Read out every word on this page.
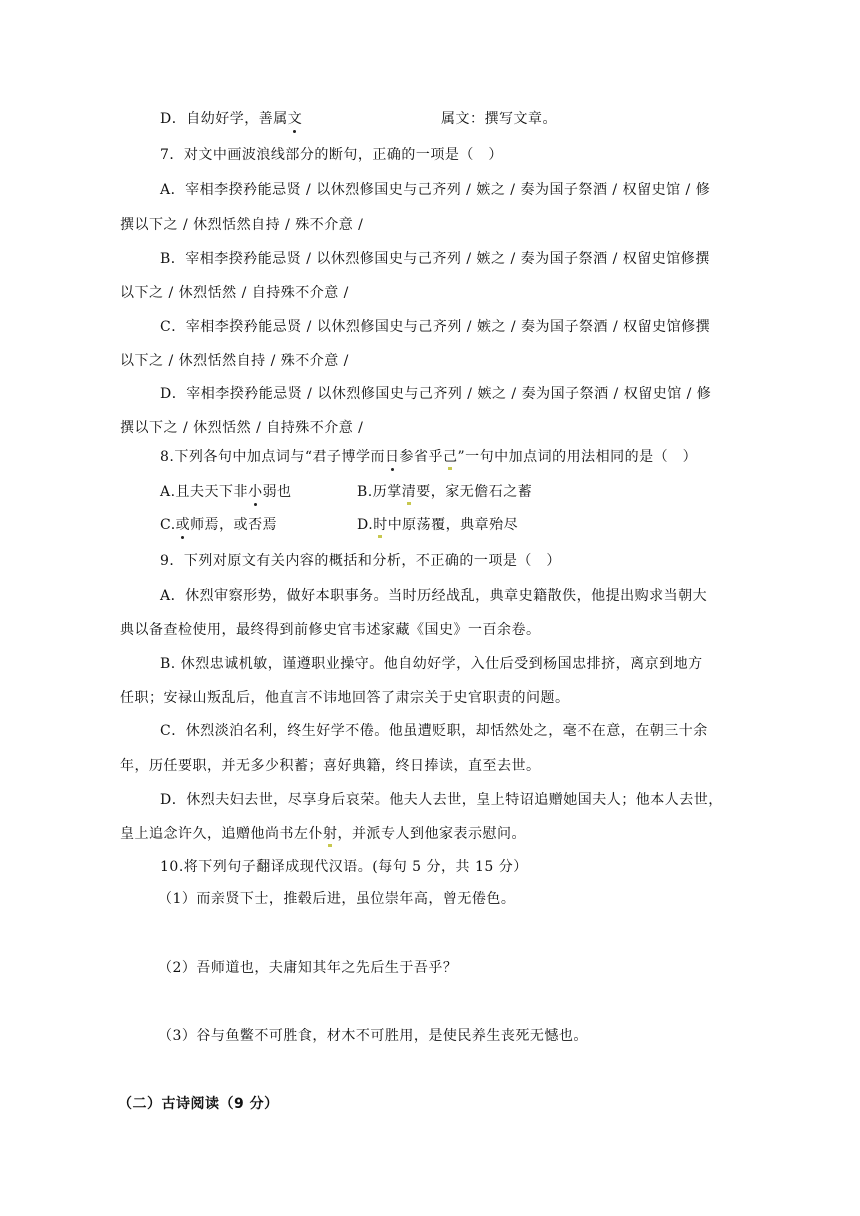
D．自幼好学，善属文	属文：撰写文章。
7．对文中画波浪线部分的断句，正确的一项是（　）
A．宰相李揆矜能忌贤 / 以休烈修国史与己齐列 / 嫉之 / 奏为国子祭酒 / 权留史馆 / 修
撰以下之 / 休烈恬然自持 / 殊不介意 /
B．宰相李揆矜能忌贤 / 以休烈修国史与己齐列 / 嫉之 / 奏为国子祭酒 / 权留史馆修撰
以下之 / 休烈恬然 / 自持殊不介意 /
C．宰相李揆矜能忌贤 / 以休烈修国史与己齐列 / 嫉之 / 奏为国子祭酒 / 权留史馆修撰
以下之 / 休烈恬然自持 / 殊不介意 /
D．宰相李揆矜能忌贤 / 以休烈修国史与己齐列 / 嫉之 / 奏为国子祭酒 / 权留史馆 / 修
撰以下之 / 休烈恬然 / 自持殊不介意 /
8.下列各句中加点词与“君子博学而日参省乎己”一句中加点词的用法相同的是（　）
A.且夫天下非小弱也	B.历掌清要，家无儋石之蓄
C.或师焉，或否焉	D.时中原荡覆，典章殆尽
9．下列对原文有关内容的概括和分析，不正确的一项是（　）
A．休烈审察形势，做好本职事务。当时历经战乱，典章史籍散佚，他提出购求当朝大
典以备查检使用，最终得到前修史官韦述家藏《国史》一百余卷。
B. 休烈忠诚机敏，谨遵职业操守。他自幼好学，入仕后受到杨国忠排挤，离京到地方
任职；安禄山叛乱后，他直言不讳地回答了肃宗关于史官职责的问题。
C．休烈淡泊名利，终生好学不倦。他虽遭贬职，却恬然处之，毫不在意，在朝三十余
年，历任要职，并无多少积蓄；喜好典籍，终日捧读，直至去世。
D．休烈夫妇去世，尽享身后哀荣。他夫人去世，皇上特诏追赠她国夫人；他本人去世，
皇上追念许久，追赠他尚书左仆射，并派专人到他家表示慰问。
10.将下列句子翻译成现代汉语。(每句 5 分，共 15 分）
（1）而亲贤下士，推毂后进，虽位崇年高，曾无倦色。
（2）吾师道也，夫庸知其年之先后生于吾乎？
（3）谷与鱼鳖不可胜食，材木不可胜用，是使民养生丧死无憾也。
（二）古诗阅读（9 分）
